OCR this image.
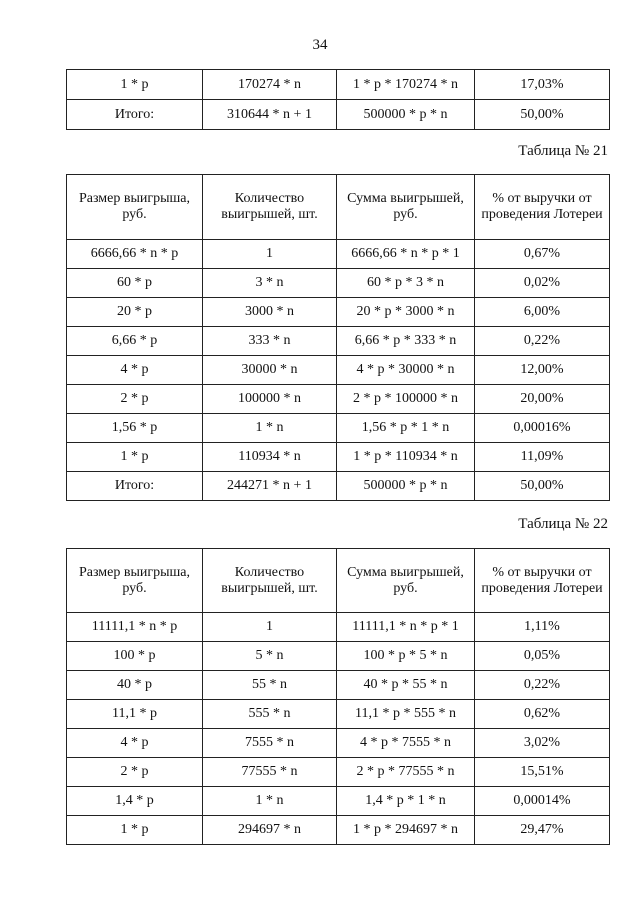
34
1 * p	170274 * n	1 * p * 170274 * n	17,03%
Итого:	310644 * n + 1	500000 * p * n	50,00%
Таблица № 21
Размер выигрыша, руб.	Количество выигрышей, шт.	Сумма выигрышей, руб.	% от выручки от проведения Лотереи
6666,66 * n * p	1	6666,66 * n * p * 1	0,67%
60 * p	3 * n	60 * p * 3 * n	0,02%
20 * p	3000 * n	20 * p * 3000 * n	6,00%
6,66 * p	333 * n	6,66 * p * 333 * n	0,22%
4 * p	30000 * n	4 * p * 30000 * n	12,00%
2 * p	100000 * n	2 * p * 100000 * n	20,00%
1,56 * p	1 * n	1,56 * p * 1 * n	0,00016%
1 * p	110934 * n	1 * p * 110934 * n	11,09%
Итого:	244271 * n + 1	500000 * p * n	50,00%
Таблица № 22
Размер выигрыша, руб.	Количество выигрышей, шт.	Сумма выигрышей, руб.	% от выручки от проведения Лотереи
11111,1 * n * p	1	11111,1 * n * p * 1	1,11%
100 * p	5 * n	100 * p * 5 * n	0,05%
40 * p	55 * n	40 * p * 55 * n	0,22%
11,1 * p	555 * n	11,1 * p * 555 * n	0,62%
4 * p	7555 * n	4 * p * 7555 * n	3,02%
2 * p	77555 * n	2 * p * 77555 * n	15,51%
1,4 * p	1 * n	1,4 * p * 1 * n	0,00014%
1 * p	294697 * n	1 * p * 294697 * n	29,47%
